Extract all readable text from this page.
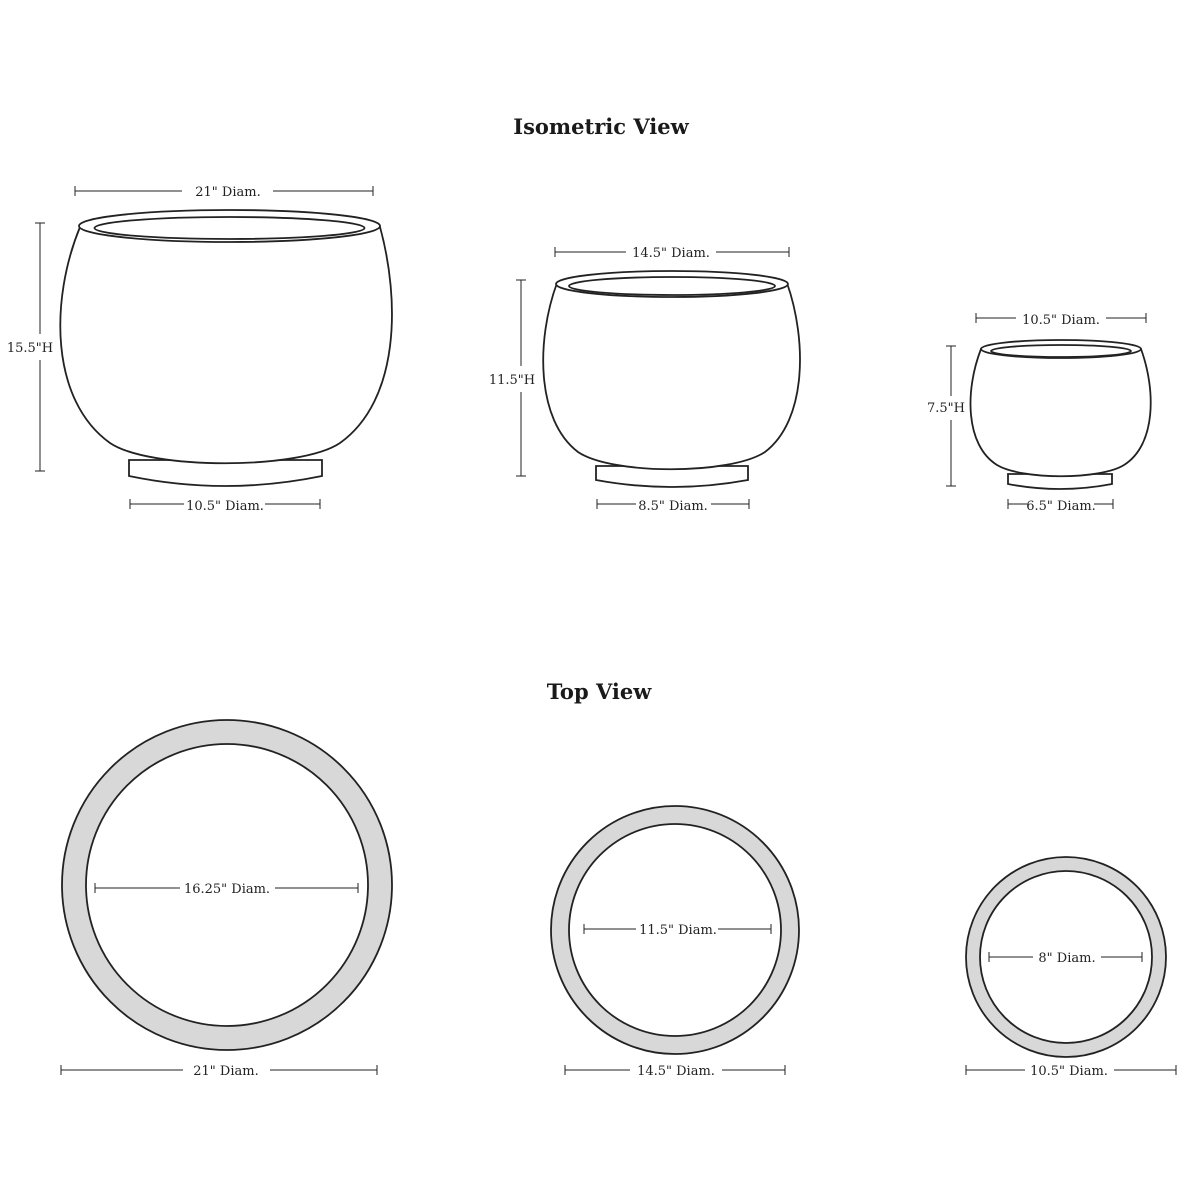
Isometric View
Top View
21" Diam.
15.5"H
10.5" Diam.
14.5" Diam.
11.5"H
8.5" Diam.
10.5" Diam.
7.5"H
6.5" Diam.
16.25" Diam.
21" Diam.
11.5" Diam.
14.5" Diam.
8" Diam.
10.5" Diam.
